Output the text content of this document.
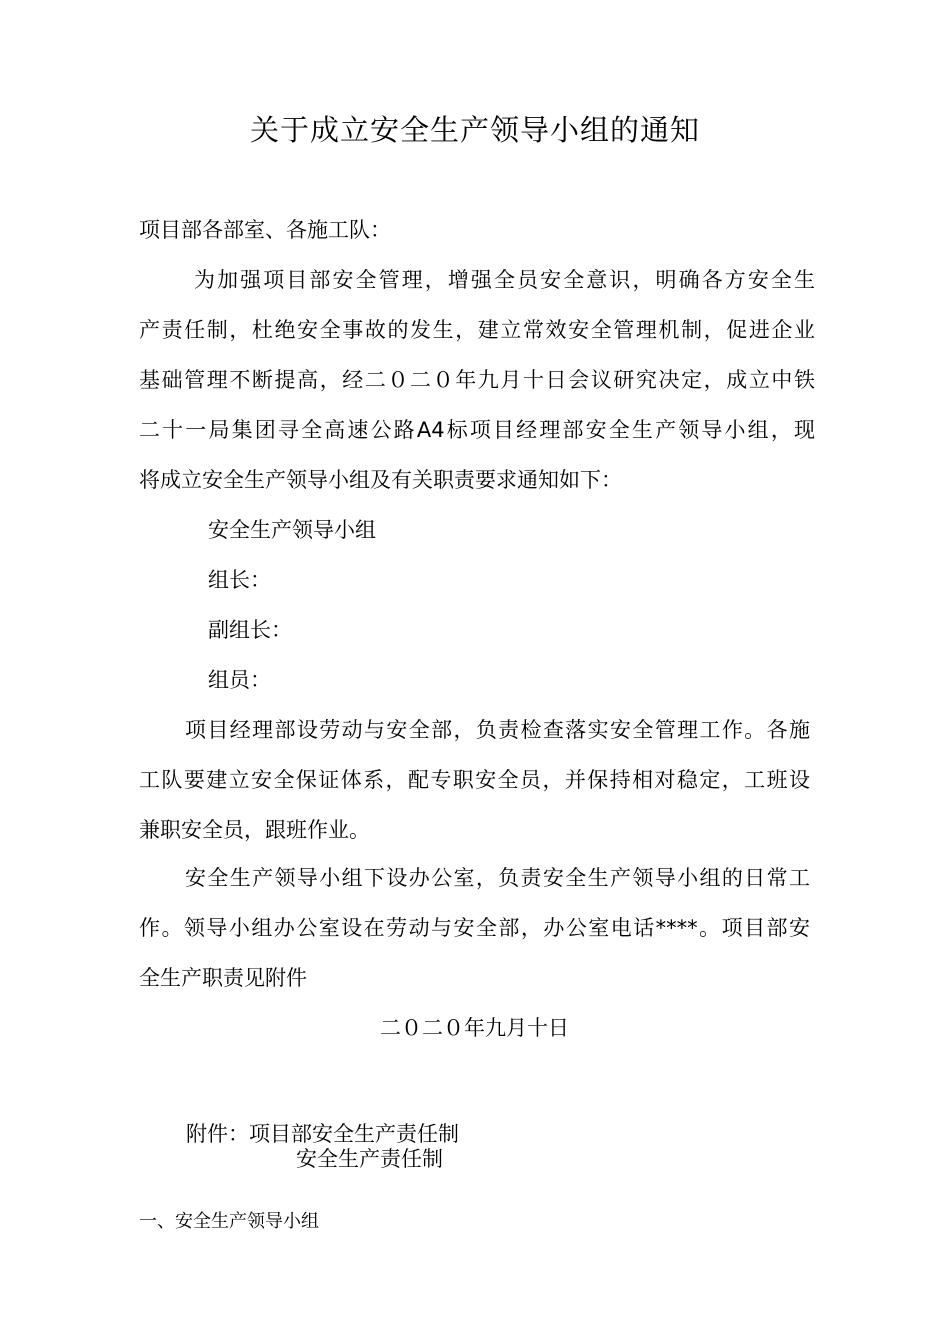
关于成立安全生产领导小组的通知
项目部各部室、各施工队：
为加强项目部安全管理，增强全员安全意识，明确各方安全生
产责任制，杜绝安全事故的发生，建立常效安全管理机制，促进企业
基础管理不断提高，经二０二０年九月十日会议研究决定，成立中铁
二十一局集团寻全高速公路A4标项目经理部安全生产领导小组，现
将成立安全生产领导小组及有关职责要求通知如下：
安全生产领导小组
组长：
副组长：
组员：
项目经理部设劳动与安全部，负责检查落实安全管理工作。各施
工队要建立安全保证体系，配专职安全员，并保持相对稳定，工班设
兼职安全员，跟班作业。
安全生产领导小组下设办公室，负责安全生产领导小组的日常工
作。领导小组办公室设在劳动与安全部，办公室电话****。项目部安
全生产职责见附件
二０二０年九月十日
附件：项目部安全生产责任制
安全生产责任制
一、安全生产领导小组
